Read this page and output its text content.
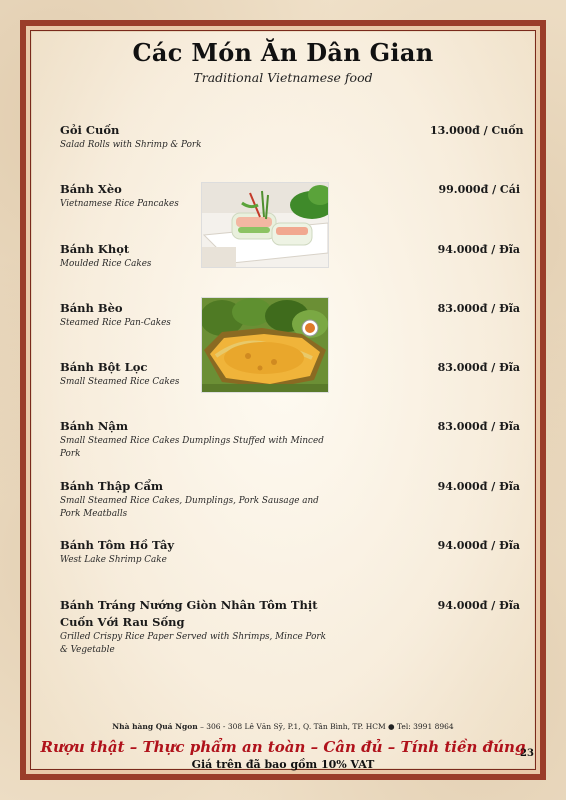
Các Món Ăn Dân Gian
Traditional Vietnamese food
Gỏi Cuốn
Salad Rolls with Shrimp & Pork
13.000đ / Cuốn
Bánh Xèo
Vietnamese Rice Pancakes
99.000đ / Cái
Bánh Khọt
Moulded Rice Cakes
94.000đ / Đĩa
Bánh Bèo
Steamed Rice Pan-Cakes
83.000đ / Đĩa
Bánh Bột Lọc
Small Steamed Rice Cakes
83.000đ / Đĩa
Bánh Nậm
Small Steamed Rice Cakes Dumplings Stuffed with Minced Pork
83.000đ / Đĩa
Bánh Thập Cẩm
Small Steamed Rice Cakes, Dumplings, Pork Sausage and Pork Meatballs
94.000đ / Đĩa
Bánh Tôm Hồ Tây
West Lake Shrimp Cake
94.000đ / Đĩa
Bánh Tráng Nướng Giòn Nhân Tôm Thịt Cuốn Với Rau Sống
Grilled Crispy Rice Paper Served with Shrimps, Mince Pork & Vegetable
94.000đ / Đĩa
Nhà hàng Quá Ngon – 306 - 308 Lê Văn Sỹ, P.1, Q. Tân Bình, TP. HCM ● Tel: 3991 8964
Rượu thật – Thực phẩm an toàn – Cân đủ – Tính tiền đúng
Giá trên đã bao gồm 10% VAT
23
